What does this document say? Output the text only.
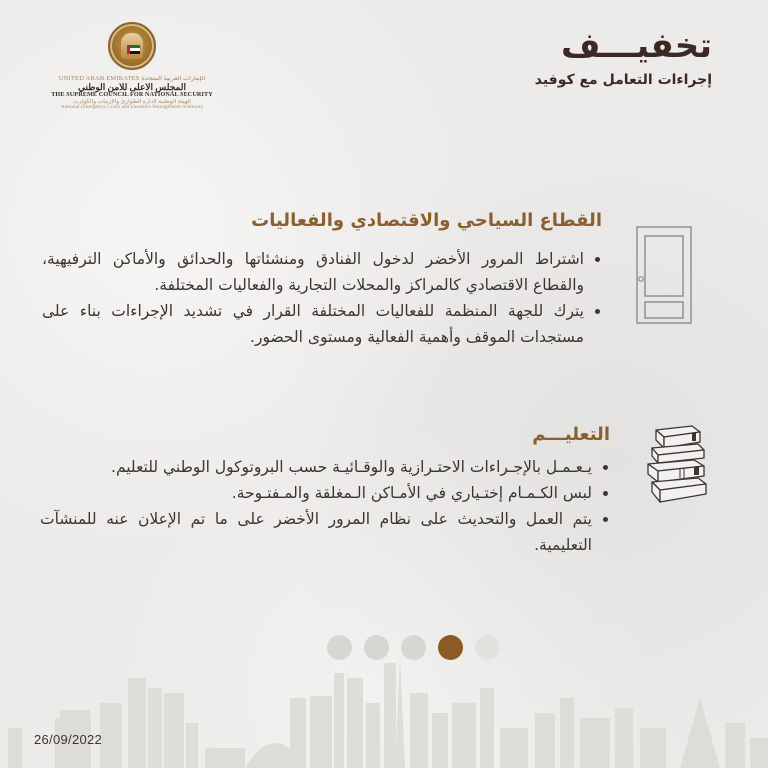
UNITED ARAB EMIRATES الإمارات العربية المتحدة
المجلس الأعلى للأمن الوطني
THE SUPREME COUNCIL FOR NATIONAL SECURITY
الهيئة الوطنية لإدارة الطوارئ والأزمات والكوارث
National Emergency Crisis and Disasters Management Authority
تخفيـــف
إجراءات التعامل مع كوفيد
القطاع السياحي والاقتصادي والفعاليات
اشتراط المرور الأخضر لدخول الفنادق ومنشئاتها والحدائق والأماكن الترفيهية، والقطاع الاقتصادي كالمراكز والمحلات التجارية والفعاليات المختلفة.
يترك للجهة المنظمة للفعاليات المختلفة القرار في تشديد الإجراءات بناء على مستجدات الموقف وأهمية الفعالية ومستوى الحضور.
التعليـــم
يـعـمـل بالإجـراءات الاحتـرازية والوقـائيـة حسب البروتوكول الوطني للتعليم.
لبس الكـمـام إختـياري في الأمـاكن الـمغلقة والمـفتـوحة.
يتم العمل والتحديث على نظام المرور الأخضر على ما تم الإعلان عنه للمنشآت التعليمية.
26/09/2022
